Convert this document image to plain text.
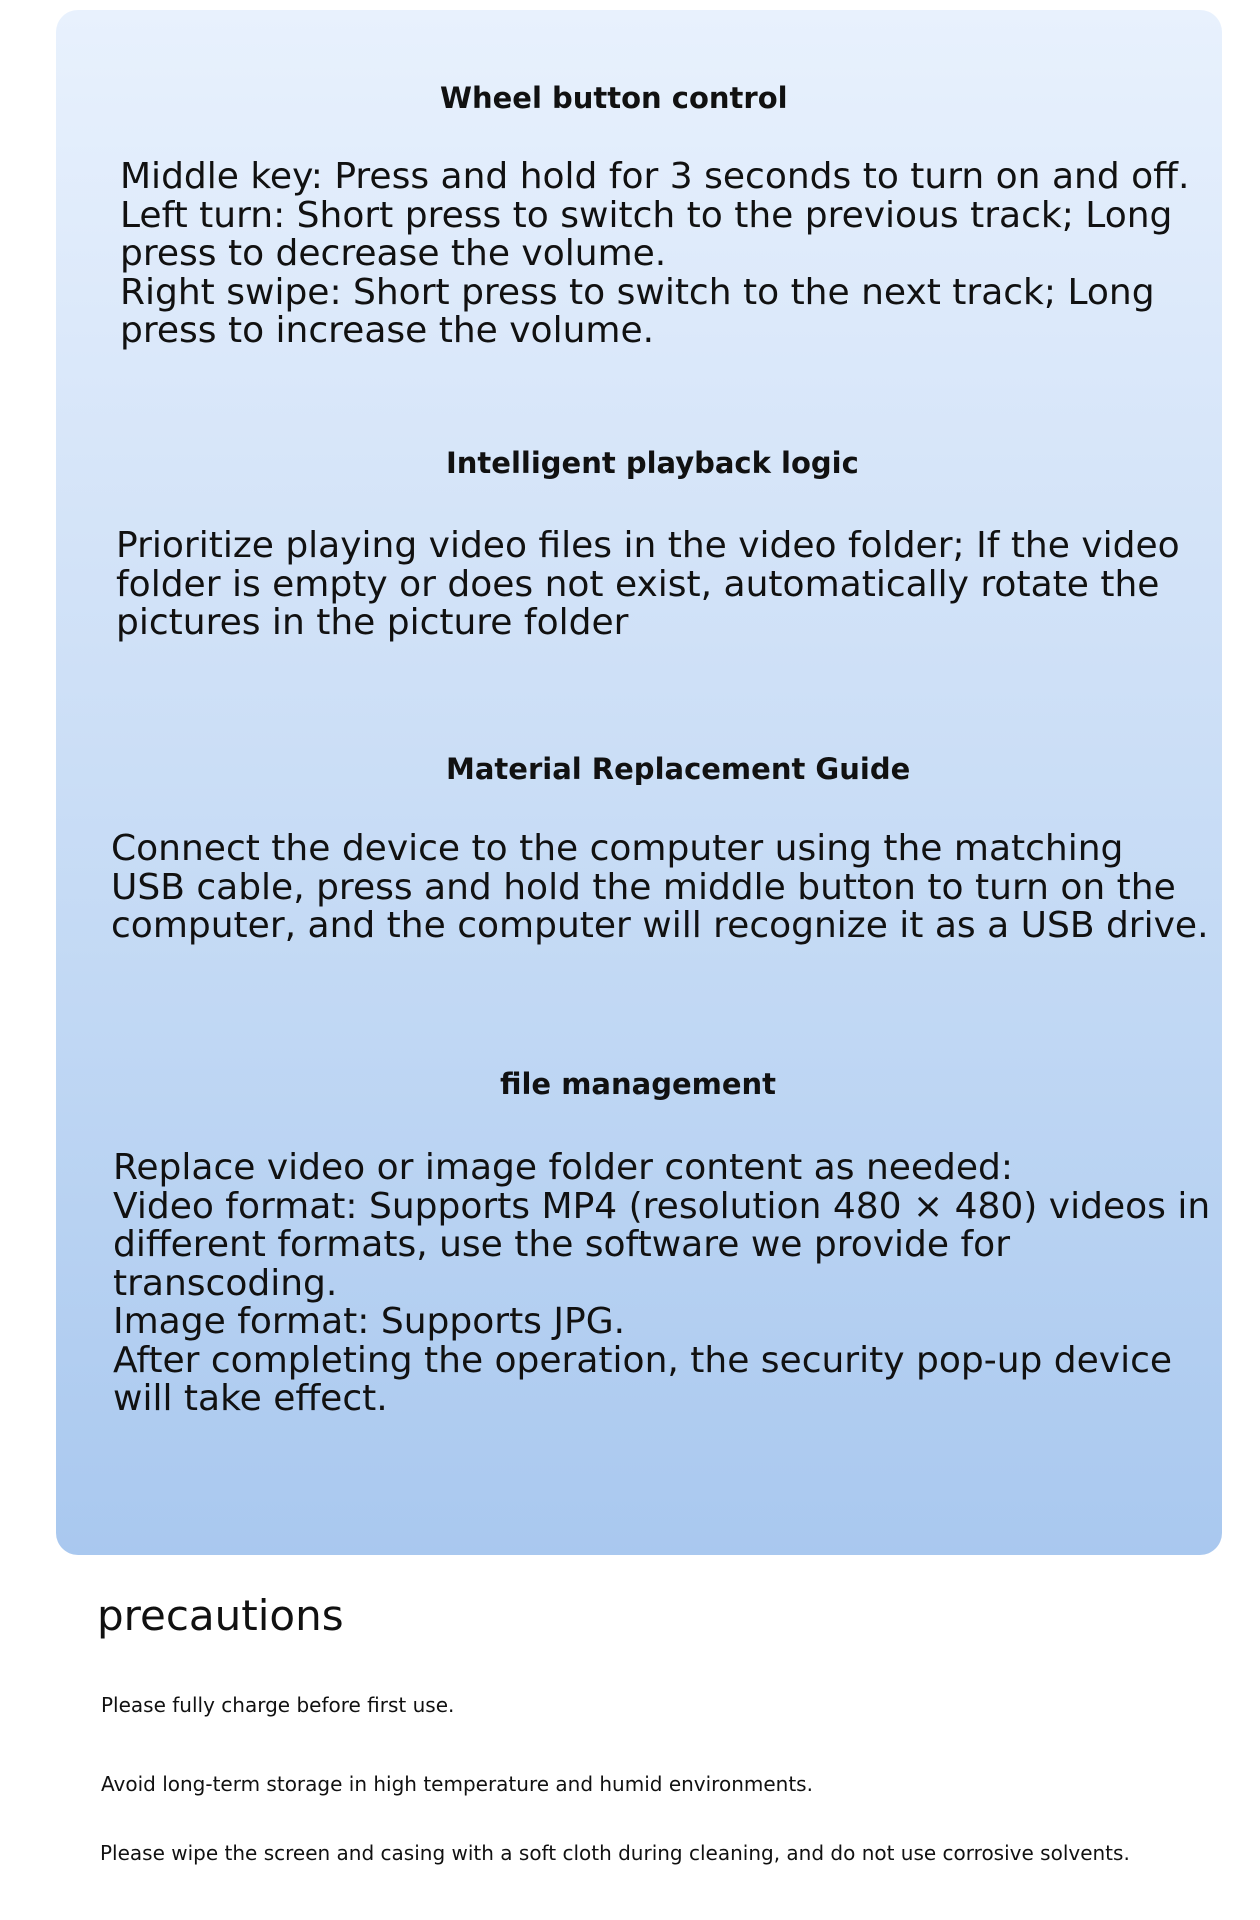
Wheel button control
Middle key: Press and hold for 3 seconds to turn on and off.
Left turn: Short press to switch to the previous track; Long
press to decrease the volume.
Right swipe: Short press to switch to the next track; Long
press to increase the volume.
Intelligent playback logic
Prioritize playing video files in the video folder; If the video
folder is empty or does not exist, automatically rotate the
pictures in the picture folder
Material Replacement Guide
Connect the device to the computer using the matching
USB cable, press and hold the middle button to turn on the
computer, and the computer will recognize it as a USB drive.
file management
Replace video or image folder content as needed:
Video format: Supports MP4 (resolution 480 × 480) videos in
different formats, use the software we provide for
transcoding.
Image format: Supports JPG.
After completing the operation, the security pop-up device
will take effect.
precautions
Please fully charge before first use.
Avoid long-term storage in high temperature and humid environments.
Please wipe the screen and casing with a soft cloth during cleaning, and do not use corrosive solvents.
